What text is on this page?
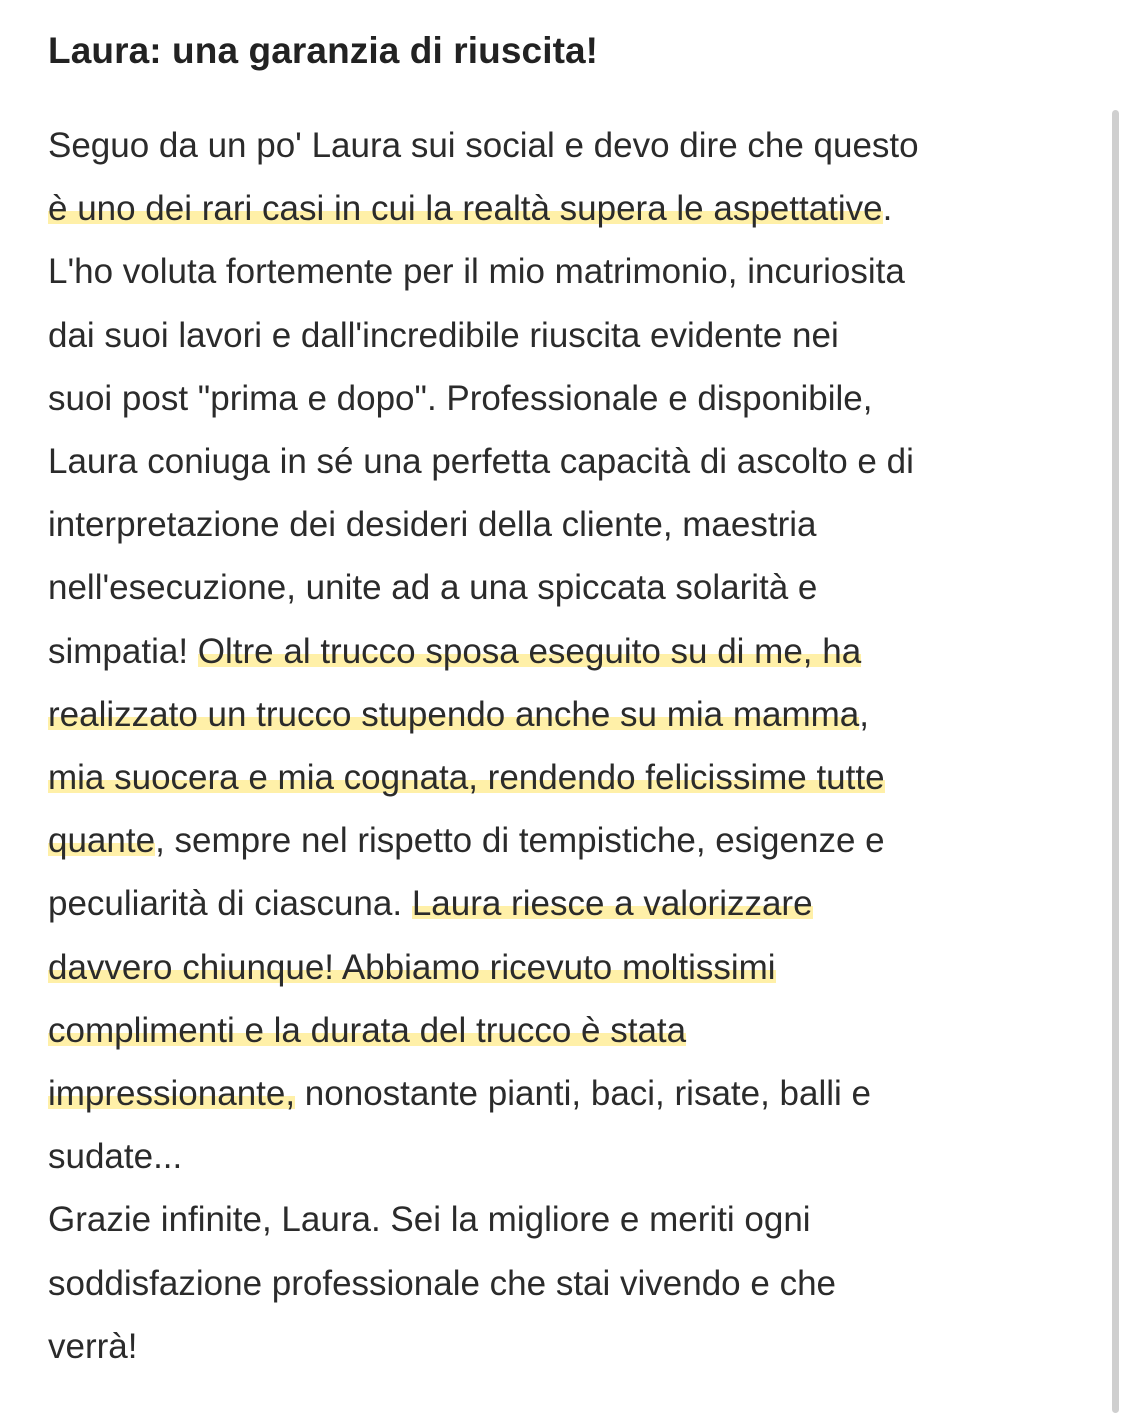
Laura: una garanzia di riuscita!
Seguo da un po' Laura sui social e devo dire che questo
è uno dei rari casi in cui la realtà supera le aspettative.
L'ho voluta fortemente per il mio matrimonio, incuriosita
dai suoi lavori e dall'incredibile riuscita evidente nei
suoi post "prima e dopo". Professionale e disponibile,
Laura coniuga in sé una perfetta capacità di ascolto e di
interpretazione dei desideri della cliente, maestria
nell'esecuzione, unite ad a una spiccata solarità e
simpatia! Oltre al trucco sposa eseguito su di me, ha
realizzato un trucco stupendo anche su mia mamma,
mia suocera e mia cognata, rendendo felicissime tutte
quante, sempre nel rispetto di tempistiche, esigenze e
peculiarità di ciascuna. Laura riesce a valorizzare
davvero chiunque! Abbiamo ricevuto moltissimi
complimenti e la durata del trucco è stata
impressionante, nonostante pianti, baci, risate, balli e
sudate...
Grazie infinite, Laura. Sei la migliore e meriti ogni
soddisfazione professionale che stai vivendo e che
verrà!
